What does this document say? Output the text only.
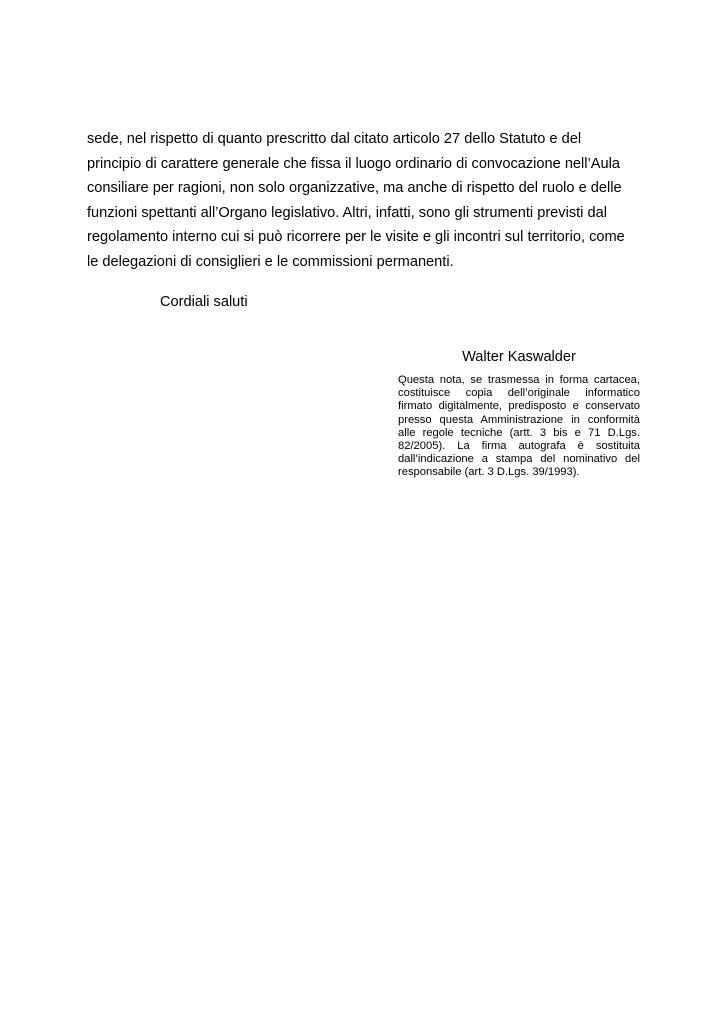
sede, nel rispetto di quanto prescritto dal citato articolo 27 dello Statuto e del
principio di carattere generale che fissa il luogo ordinario di convocazione nell’Aula
consiliare per ragioni, non solo organizzative, ma anche di rispetto del ruolo e delle
funzioni spettanti all’Organo legislativo. Altri, infatti, sono gli strumenti previsti dal
regolamento interno cui si può ricorrere per le visite e gli incontri sul territorio, come
le delegazioni di consiglieri e le commissioni permanenti.

Cordiali saluti

Walter Kaswalder

Questa nota, se trasmessa in forma cartacea, costituisce copia dell’originale informatico firmato digitalmente, predisposto e conservato presso questa Amministrazione in conformità alle regole tecniche (artt. 3 bis e 71 D.Lgs. 82/2005). La firma autografa è sostituita dall’indicazione a stampa del nominativo del responsabile (art. 3 D.Lgs. 39/1993).
